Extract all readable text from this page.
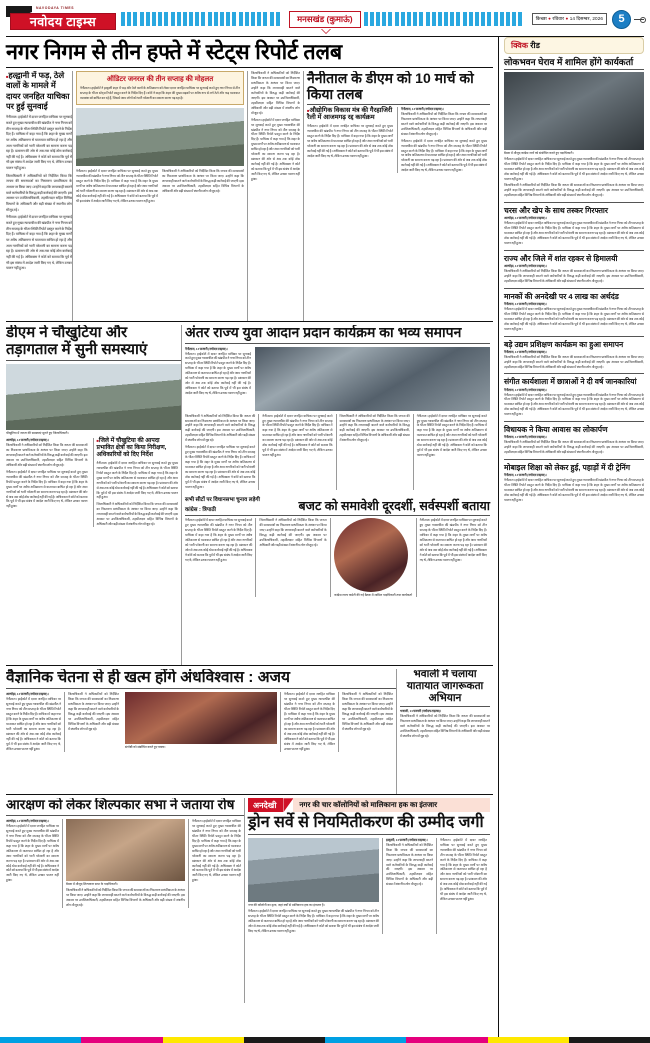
NAVODAYA TIMES
नवोदय टाइम्स	मनसखंड (कुमाऊं)	किच्छा ● रविवार ● 14 दिसम्बर, 2026	5
नगर निगम से तीन हफ्ते में स्टेट्स रिपोर्ट तलब
■हल्द्वानी में फड़, ठेले वालों के मामले में दायर जनहित याचिका पर हुई सुनवाई
नैनीताल। हाईकोर्ट में दायर जनहित याचिका पर सुनवाई करते हुए मुख्य न्यायाधीश की खंडपीठ ने नगर निगम को तीन सप्ताह के भीतर स्थिति रिपोर्ट प्रस्तुत करने के निर्देश दिए हैं। याचिका में कहा गया है कि शहर के मुख्य मार्गों पर अवैध अतिक्रमण से यातायात बाधित हो रहा है और आम नागरिकों को भारी परेशानी का सामना करना पड़ रहा है। प्रशासन की ओर से अब तक कोई ठोस कार्रवाई नहीं की गई है। अधिवक्ता ने कोर्ट को बताया कि पूर्व में भी इस संबंध में आदेश जारी किए गए थे, लेकिन उनका पालन नहीं हुआ।
जिलाधिकारी ने अधिकारियों को निर्देशित किया कि जनता की समस्याओं का निस्तारण प्राथमिकता के आधार पर किया जाए। उन्होंने कहा कि लापरवाही बरतने वाले कर्मचारियों के विरुद्ध कड़ी कार्रवाई की जाएगी। इस अवसर पर उपजिलाधिकारी, तहसीलदार सहित विभिन्न विभागों के अधिकारी और बड़ी संख्या में स्थानीय लोग मौजूद रहे।
नैनीताल। हाईकोर्ट में दायर जनहित याचिका पर सुनवाई करते हुए मुख्य न्यायाधीश की खंडपीठ ने नगर निगम को तीन सप्ताह के भीतर स्थिति रिपोर्ट प्रस्तुत करने के निर्देश दिए हैं। याचिका में कहा गया है कि शहर के मुख्य मार्गों पर अवैध अतिक्रमण से यातायात बाधित हो रहा है और आम नागरिकों को भारी परेशानी का सामना करना पड़ रहा है। प्रशासन की ओर से अब तक कोई ठोस कार्रवाई नहीं की गई है। अधिवक्ता ने कोर्ट को बताया कि पूर्व में भी इस संबंध में आदेश जारी किए गए थे, लेकिन उनका पालन नहीं हुआ।
ऑडिटर जनरल की तीन सप्ताह की मोहलत
नैनीताल। हाईकोर्ट ने हल्द्वानी शहर में फड़ और ठेले वालों के अतिक्रमण को लेकर दायर जनहित याचिका पर सुनवाई करते हुए नगर निगम से तीन सप्ताह के भीतर स्टेट्स रिपोर्ट प्रस्तुत करने के निर्देश दिए हैं। कोर्ट ने कहा कि शहर की मुख्य सड़कों पर अवैध रूप से लगे ठेले और फड़ यातायात व्यवस्था को बाधित कर रहे हैं, जिससे आम लोगों को भारी परेशानी का सामना करना पड़ रहा है।
नैनीताल। हाईकोर्ट में दायर जनहित याचिका पर सुनवाई करते हुए मुख्य न्यायाधीश की खंडपीठ ने नगर निगम को तीन सप्ताह के भीतर स्थिति रिपोर्ट प्रस्तुत करने के निर्देश दिए हैं। याचिका में कहा गया है कि शहर के मुख्य मार्गों पर अवैध अतिक्रमण से यातायात बाधित हो रहा है और आम नागरिकों को भारी परेशानी का सामना करना पड़ रहा है। प्रशासन की ओर से अब तक कोई ठोस कार्रवाई नहीं की गई है। अधिवक्ता ने कोर्ट को बताया कि पूर्व में भी इस संबंध में आदेश जारी किए गए थे, लेकिन उनका पालन नहीं हुआ।
जिलाधिकारी ने अधिकारियों को निर्देशित किया कि जनता की समस्याओं का निस्तारण प्राथमिकता के आधार पर किया जाए। उन्होंने कहा कि लापरवाही बरतने वाले कर्मचारियों के विरुद्ध कड़ी कार्रवाई की जाएगी। इस अवसर पर उपजिलाधिकारी, तहसीलदार सहित विभिन्न विभागों के अधिकारी और बड़ी संख्या में स्थानीय लोग मौजूद रहे।
जिलाधिकारी ने अधिकारियों को निर्देशित किया कि जनता की समस्याओं का निस्तारण प्राथमिकता के आधार पर किया जाए। उन्होंने कहा कि लापरवाही बरतने वाले कर्मचारियों के विरुद्ध कड़ी कार्रवाई की जाएगी। इस अवसर पर उपजिलाधिकारी, तहसीलदार सहित विभिन्न विभागों के अधिकारी और बड़ी संख्या में स्थानीय लोग मौजूद रहे।
नैनीताल। हाईकोर्ट में दायर जनहित याचिका पर सुनवाई करते हुए मुख्य न्यायाधीश की खंडपीठ ने नगर निगम को तीन सप्ताह के भीतर स्थिति रिपोर्ट प्रस्तुत करने के निर्देश दिए हैं। याचिका में कहा गया है कि शहर के मुख्य मार्गों पर अवैध अतिक्रमण से यातायात बाधित हो रहा है और आम नागरिकों को भारी परेशानी का सामना करना पड़ रहा है। प्रशासन की ओर से अब तक कोई ठोस कार्रवाई नहीं की गई है। अधिवक्ता ने कोर्ट को बताया कि पूर्व में भी इस संबंध में आदेश जारी किए गए थे, लेकिन उनका पालन नहीं हुआ।
नैनीताल के डीएम को 10 मार्च को किया तलब
■औद्योगिक विकास मंत्र की गैरहाजिरी रैली में आजमगढ़ रद्द कार्यक्रम
नैनीताल। हाईकोर्ट में दायर जनहित याचिका पर सुनवाई करते हुए मुख्य न्यायाधीश की खंडपीठ ने नगर निगम को तीन सप्ताह के भीतर स्थिति रिपोर्ट प्रस्तुत करने के निर्देश दिए हैं। याचिका में कहा गया है कि शहर के मुख्य मार्गों पर अवैध अतिक्रमण से यातायात बाधित हो रहा है और आम नागरिकों को भारी परेशानी का सामना करना पड़ रहा है। प्रशासन की ओर से अब तक कोई ठोस कार्रवाई नहीं की गई है। अधिवक्ता ने कोर्ट को बताया कि पूर्व में भी इस संबंध में आदेश जारी किए गए थे, लेकिन उनका पालन नहीं हुआ।
नैनीताल, 13 फरवरी (नवोदय टाइम्स)।
जिलाधिकारी ने अधिकारियों को निर्देशित किया कि जनता की समस्याओं का निस्तारण प्राथमिकता के आधार पर किया जाए। उन्होंने कहा कि लापरवाही बरतने वाले कर्मचारियों के विरुद्ध कड़ी कार्रवाई की जाएगी। इस अवसर पर उपजिलाधिकारी, तहसीलदार सहित विभिन्न विभागों के अधिकारी और बड़ी संख्या में स्थानीय लोग मौजूद रहे।
नैनीताल। हाईकोर्ट में दायर जनहित याचिका पर सुनवाई करते हुए मुख्य न्यायाधीश की खंडपीठ ने नगर निगम को तीन सप्ताह के भीतर स्थिति रिपोर्ट प्रस्तुत करने के निर्देश दिए हैं। याचिका में कहा गया है कि शहर के मुख्य मार्गों पर अवैध अतिक्रमण से यातायात बाधित हो रहा है और आम नागरिकों को भारी परेशानी का सामना करना पड़ रहा है। प्रशासन की ओर से अब तक कोई ठोस कार्रवाई नहीं की गई है। अधिवक्ता ने कोर्ट को बताया कि पूर्व में भी इस संबंध में आदेश जारी किए गए थे, लेकिन उनका पालन नहीं हुआ।
डीएम ने चौखुटिया और तड़ागताल में सुनी समस्याएं
चौखुटिया में जनता की समस्याएं सुनते हुए जिलाधिकारी।
अल्मोड़ा, 13 फरवरी (नवोदय टाइम्स)।
जिलाधिकारी ने अधिकारियों को निर्देशित किया कि जनता की समस्याओं का निस्तारण प्राथमिकता के आधार पर किया जाए। उन्होंने कहा कि लापरवाही बरतने वाले कर्मचारियों के विरुद्ध कड़ी कार्रवाई की जाएगी। इस अवसर पर उपजिलाधिकारी, तहसीलदार सहित विभिन्न विभागों के अधिकारी और बड़ी संख्या में स्थानीय लोग मौजूद रहे।
नैनीताल। हाईकोर्ट में दायर जनहित याचिका पर सुनवाई करते हुए मुख्य न्यायाधीश की खंडपीठ ने नगर निगम को तीन सप्ताह के भीतर स्थिति रिपोर्ट प्रस्तुत करने के निर्देश दिए हैं। याचिका में कहा गया है कि शहर के मुख्य मार्गों पर अवैध अतिक्रमण से यातायात बाधित हो रहा है और आम नागरिकों को भारी परेशानी का सामना करना पड़ रहा है। प्रशासन की ओर से अब तक कोई ठोस कार्रवाई नहीं की गई है। अधिवक्ता ने कोर्ट को बताया कि पूर्व में भी इस संबंध में आदेश जारी किए गए थे, लेकिन उनका पालन नहीं हुआ।
■जिले में चौखुटिया की आपदा प्रभावित क्षेत्रों का किया निरीक्षण, अधिकारियों को दिए निर्देश
नैनीताल। हाईकोर्ट में दायर जनहित याचिका पर सुनवाई करते हुए मुख्य न्यायाधीश की खंडपीठ ने नगर निगम को तीन सप्ताह के भीतर स्थिति रिपोर्ट प्रस्तुत करने के निर्देश दिए हैं। याचिका में कहा गया है कि शहर के मुख्य मार्गों पर अवैध अतिक्रमण से यातायात बाधित हो रहा है और आम नागरिकों को भारी परेशानी का सामना करना पड़ रहा है। प्रशासन की ओर से अब तक कोई ठोस कार्रवाई नहीं की गई है। अधिवक्ता ने कोर्ट को बताया कि पूर्व में भी इस संबंध में आदेश जारी किए गए थे, लेकिन उनका पालन नहीं हुआ।
जिलाधिकारी ने अधिकारियों को निर्देशित किया कि जनता की समस्याओं का निस्तारण प्राथमिकता के आधार पर किया जाए। उन्होंने कहा कि लापरवाही बरतने वाले कर्मचारियों के विरुद्ध कड़ी कार्रवाई की जाएगी। इस अवसर पर उपजिलाधिकारी, तहसीलदार सहित विभिन्न विभागों के अधिकारी और बड़ी संख्या में स्थानीय लोग मौजूद रहे।
अंतर राज्य युवा आदान प्रदान कार्यक्रम का भव्य समापन
नैनीताल, 13 फरवरी (नवोदय टाइम्स)।
नैनीताल। हाईकोर्ट में दायर जनहित याचिका पर सुनवाई करते हुए मुख्य न्यायाधीश की खंडपीठ ने नगर निगम को तीन सप्ताह के भीतर स्थिति रिपोर्ट प्रस्तुत करने के निर्देश दिए हैं। याचिका में कहा गया है कि शहर के मुख्य मार्गों पर अवैध अतिक्रमण से यातायात बाधित हो रहा है और आम नागरिकों को भारी परेशानी का सामना करना पड़ रहा है। प्रशासन की ओर से अब तक कोई ठोस कार्रवाई नहीं की गई है। अधिवक्ता ने कोर्ट को बताया कि पूर्व में भी इस संबंध में आदेश जारी किए गए थे, लेकिन उनका पालन नहीं हुआ।
जिलाधिकारी ने अधिकारियों को निर्देशित किया कि जनता की समस्याओं का निस्तारण प्राथमिकता के आधार पर किया जाए। उन्होंने कहा कि लापरवाही बरतने वाले कर्मचारियों के विरुद्ध कड़ी कार्रवाई की जाएगी। इस अवसर पर उपजिलाधिकारी, तहसीलदार सहित विभिन्न विभागों के अधिकारी और बड़ी संख्या में स्थानीय लोग मौजूद रहे।
नैनीताल। हाईकोर्ट में दायर जनहित याचिका पर सुनवाई करते हुए मुख्य न्यायाधीश की खंडपीठ ने नगर निगम को तीन सप्ताह के भीतर स्थिति रिपोर्ट प्रस्तुत करने के निर्देश दिए हैं। याचिका में कहा गया है कि शहर के मुख्य मार्गों पर अवैध अतिक्रमण से यातायात बाधित हो रहा है और आम नागरिकों को भारी परेशानी का सामना करना पड़ रहा है। प्रशासन की ओर से अब तक कोई ठोस कार्रवाई नहीं की गई है। अधिवक्ता ने कोर्ट को बताया कि पूर्व में भी इस संबंध में आदेश जारी किए गए थे, लेकिन उनका पालन नहीं हुआ।
नैनीताल। हाईकोर्ट में दायर जनहित याचिका पर सुनवाई करते हुए मुख्य न्यायाधीश की खंडपीठ ने नगर निगम को तीन सप्ताह के भीतर स्थिति रिपोर्ट प्रस्तुत करने के निर्देश दिए हैं। याचिका में कहा गया है कि शहर के मुख्य मार्गों पर अवैध अतिक्रमण से यातायात बाधित हो रहा है और आम नागरिकों को भारी परेशानी का सामना करना पड़ रहा है। प्रशासन की ओर से अब तक कोई ठोस कार्रवाई नहीं की गई है। अधिवक्ता ने कोर्ट को बताया कि पूर्व में भी इस संबंध में आदेश जारी किए गए थे, लेकिन उनका पालन नहीं हुआ।
जिलाधिकारी ने अधिकारियों को निर्देशित किया कि जनता की समस्याओं का निस्तारण प्राथमिकता के आधार पर किया जाए। उन्होंने कहा कि लापरवाही बरतने वाले कर्मचारियों के विरुद्ध कड़ी कार्रवाई की जाएगी। इस अवसर पर उपजिलाधिकारी, तहसीलदार सहित विभिन्न विभागों के अधिकारी और बड़ी संख्या में स्थानीय लोग मौजूद रहे।
नैनीताल। हाईकोर्ट में दायर जनहित याचिका पर सुनवाई करते हुए मुख्य न्यायाधीश की खंडपीठ ने नगर निगम को तीन सप्ताह के भीतर स्थिति रिपोर्ट प्रस्तुत करने के निर्देश दिए हैं। याचिका में कहा गया है कि शहर के मुख्य मार्गों पर अवैध अतिक्रमण से यातायात बाधित हो रहा है और आम नागरिकों को भारी परेशानी का सामना करना पड़ रहा है। प्रशासन की ओर से अब तक कोई ठोस कार्रवाई नहीं की गई है। अधिवक्ता ने कोर्ट को बताया कि पूर्व में भी इस संबंध में आदेश जारी किए गए थे, लेकिन उनका पालन नहीं हुआ।
सभी सीटों पर विधानसभा चुनाव लड़ेगी कांग्रेस : त्रिपाठी	बजट को समावेशी दूरदर्शी, सर्वस्पर्शी बताया
नैनीताल। हाईकोर्ट में दायर जनहित याचिका पर सुनवाई करते हुए मुख्य न्यायाधीश की खंडपीठ ने नगर निगम को तीन सप्ताह के भीतर स्थिति रिपोर्ट प्रस्तुत करने के निर्देश दिए हैं। याचिका में कहा गया है कि शहर के मुख्य मार्गों पर अवैध अतिक्रमण से यातायात बाधित हो रहा है और आम नागरिकों को भारी परेशानी का सामना करना पड़ रहा है। प्रशासन की ओर से अब तक कोई ठोस कार्रवाई नहीं की गई है। अधिवक्ता ने कोर्ट को बताया कि पूर्व में भी इस संबंध में आदेश जारी किए गए थे, लेकिन उनका पालन नहीं हुआ।
जिलाधिकारी ने अधिकारियों को निर्देशित किया कि जनता की समस्याओं का निस्तारण प्राथमिकता के आधार पर किया जाए। उन्होंने कहा कि लापरवाही बरतने वाले कर्मचारियों के विरुद्ध कड़ी कार्रवाई की जाएगी। इस अवसर पर उपजिलाधिकारी, तहसीलदार सहित विभिन्न विभागों के अधिकारी और बड़ी संख्या में स्थानीय लोग मौजूद रहे।
कांग्रेस राज्य कमेटी की गई बैठक में शामिल पदाधिकारी तथा कार्यकर्ता
नैनीताल। हाईकोर्ट में दायर जनहित याचिका पर सुनवाई करते हुए मुख्य न्यायाधीश की खंडपीठ ने नगर निगम को तीन सप्ताह के भीतर स्थिति रिपोर्ट प्रस्तुत करने के निर्देश दिए हैं। याचिका में कहा गया है कि शहर के मुख्य मार्गों पर अवैध अतिक्रमण से यातायात बाधित हो रहा है और आम नागरिकों को भारी परेशानी का सामना करना पड़ रहा है। प्रशासन की ओर से अब तक कोई ठोस कार्रवाई नहीं की गई है। अधिवक्ता ने कोर्ट को बताया कि पूर्व में भी इस संबंध में आदेश जारी किए गए थे, लेकिन उनका पालन नहीं हुआ।
वैज्ञानिक चेतना से ही खत्म होंगे अंधविश्वास : अजय
अल्मोड़ा, 13 फरवरी (नवोदय टाइम्स)।
नैनीताल। हाईकोर्ट में दायर जनहित याचिका पर सुनवाई करते हुए मुख्य न्यायाधीश की खंडपीठ ने नगर निगम को तीन सप्ताह के भीतर स्थिति रिपोर्ट प्रस्तुत करने के निर्देश दिए हैं। याचिका में कहा गया है कि शहर के मुख्य मार्गों पर अवैध अतिक्रमण से यातायात बाधित हो रहा है और आम नागरिकों को भारी परेशानी का सामना करना पड़ रहा है। प्रशासन की ओर से अब तक कोई ठोस कार्रवाई नहीं की गई है। अधिवक्ता ने कोर्ट को बताया कि पूर्व में भी इस संबंध में आदेश जारी किए गए थे, लेकिन उनका पालन नहीं हुआ।
जिलाधिकारी ने अधिकारियों को निर्देशित किया कि जनता की समस्याओं का निस्तारण प्राथमिकता के आधार पर किया जाए। उन्होंने कहा कि लापरवाही बरतने वाले कर्मचारियों के विरुद्ध कड़ी कार्रवाई की जाएगी। इस अवसर पर उपजिलाधिकारी, तहसीलदार सहित विभिन्न विभागों के अधिकारी और बड़ी संख्या में स्थानीय लोग मौजूद रहे।
संगोष्ठी को संबोधित करते हुए वक्ता।
नैनीताल। हाईकोर्ट में दायर जनहित याचिका पर सुनवाई करते हुए मुख्य न्यायाधीश की खंडपीठ ने नगर निगम को तीन सप्ताह के भीतर स्थिति रिपोर्ट प्रस्तुत करने के निर्देश दिए हैं। याचिका में कहा गया है कि शहर के मुख्य मार्गों पर अवैध अतिक्रमण से यातायात बाधित हो रहा है और आम नागरिकों को भारी परेशानी का सामना करना पड़ रहा है। प्रशासन की ओर से अब तक कोई ठोस कार्रवाई नहीं की गई है। अधिवक्ता ने कोर्ट को बताया कि पूर्व में भी इस संबंध में आदेश जारी किए गए थे, लेकिन उनका पालन नहीं हुआ।
जिलाधिकारी ने अधिकारियों को निर्देशित किया कि जनता की समस्याओं का निस्तारण प्राथमिकता के आधार पर किया जाए। उन्होंने कहा कि लापरवाही बरतने वाले कर्मचारियों के विरुद्ध कड़ी कार्रवाई की जाएगी। इस अवसर पर उपजिलाधिकारी, तहसीलदार सहित विभिन्न विभागों के अधिकारी और बड़ी संख्या में स्थानीय लोग मौजूद रहे।
भवाली में चलाया यातायात जागरूकता अभियान
भवाली, 13 फरवरी (नवोदय टाइम्स)।
जिलाधिकारी ने अधिकारियों को निर्देशित किया कि जनता की समस्याओं का निस्तारण प्राथमिकता के आधार पर किया जाए। उन्होंने कहा कि लापरवाही बरतने वाले कर्मचारियों के विरुद्ध कड़ी कार्रवाई की जाएगी। इस अवसर पर उपजिलाधिकारी, तहसीलदार सहित विभिन्न विभागों के अधिकारी और बड़ी संख्या में स्थानीय लोग मौजूद रहे।
आरक्षण को लेकर शिल्पकार सभा ने जताया रोष
अल्मोड़ा, 13 फरवरी (नवोदय टाइम्स)।
नैनीताल। हाईकोर्ट में दायर जनहित याचिका पर सुनवाई करते हुए मुख्य न्यायाधीश की खंडपीठ ने नगर निगम को तीन सप्ताह के भीतर स्थिति रिपोर्ट प्रस्तुत करने के निर्देश दिए हैं। याचिका में कहा गया है कि शहर के मुख्य मार्गों पर अवैध अतिक्रमण से यातायात बाधित हो रहा है और आम नागरिकों को भारी परेशानी का सामना करना पड़ रहा है। प्रशासन की ओर से अब तक कोई ठोस कार्रवाई नहीं की गई है। अधिवक्ता ने कोर्ट को बताया कि पूर्व में भी इस संबंध में आदेश जारी किए गए थे, लेकिन उनका पालन नहीं हुआ।
बैठक में मौजूद शिल्पकार सभा के पदाधिकारी।
जिलाधिकारी ने अधिकारियों को निर्देशित किया कि जनता की समस्याओं का निस्तारण प्राथमिकता के आधार पर किया जाए। उन्होंने कहा कि लापरवाही बरतने वाले कर्मचारियों के विरुद्ध कड़ी कार्रवाई की जाएगी। इस अवसर पर उपजिलाधिकारी, तहसीलदार सहित विभिन्न विभागों के अधिकारी और बड़ी संख्या में स्थानीय लोग मौजूद रहे।
नैनीताल। हाईकोर्ट में दायर जनहित याचिका पर सुनवाई करते हुए मुख्य न्यायाधीश की खंडपीठ ने नगर निगम को तीन सप्ताह के भीतर स्थिति रिपोर्ट प्रस्तुत करने के निर्देश दिए हैं। याचिका में कहा गया है कि शहर के मुख्य मार्गों पर अवैध अतिक्रमण से यातायात बाधित हो रहा है और आम नागरिकों को भारी परेशानी का सामना करना पड़ रहा है। प्रशासन की ओर से अब तक कोई ठोस कार्रवाई नहीं की गई है। अधिवक्ता ने कोर्ट को बताया कि पूर्व में भी इस संबंध में आदेश जारी किए गए थे, लेकिन उनका पालन नहीं हुआ।
अनदेखी	नगर की चार कॉलोनियों को मालिकाना हक का इंतजार
ड्रोन सर्वे से नियमितीकरण की उम्मीद जगी
नगर की कॉलोनी का दृश्य, जहां वर्षों से मालिकाना हक का इंतजार है।
नैनीताल। हाईकोर्ट में दायर जनहित याचिका पर सुनवाई करते हुए मुख्य न्यायाधीश की खंडपीठ ने नगर निगम को तीन सप्ताह के भीतर स्थिति रिपोर्ट प्रस्तुत करने के निर्देश दिए हैं। याचिका में कहा गया है कि शहर के मुख्य मार्गों पर अवैध अतिक्रमण से यातायात बाधित हो रहा है और आम नागरिकों को भारी परेशानी का सामना करना पड़ रहा है। प्रशासन की ओर से अब तक कोई ठोस कार्रवाई नहीं की गई है। अधिवक्ता ने कोर्ट को बताया कि पूर्व में भी इस संबंध में आदेश जारी किए गए थे, लेकिन उनका पालन नहीं हुआ।
हल्द्वानी, 13 फरवरी (नवोदय टाइम्स)।
जिलाधिकारी ने अधिकारियों को निर्देशित किया कि जनता की समस्याओं का निस्तारण प्राथमिकता के आधार पर किया जाए। उन्होंने कहा कि लापरवाही बरतने वाले कर्मचारियों के विरुद्ध कड़ी कार्रवाई की जाएगी। इस अवसर पर उपजिलाधिकारी, तहसीलदार सहित विभिन्न विभागों के अधिकारी और बड़ी संख्या में स्थानीय लोग मौजूद रहे।
नैनीताल। हाईकोर्ट में दायर जनहित याचिका पर सुनवाई करते हुए मुख्य न्यायाधीश की खंडपीठ ने नगर निगम को तीन सप्ताह के भीतर स्थिति रिपोर्ट प्रस्तुत करने के निर्देश दिए हैं। याचिका में कहा गया है कि शहर के मुख्य मार्गों पर अवैध अतिक्रमण से यातायात बाधित हो रहा है और आम नागरिकों को भारी परेशानी का सामना करना पड़ रहा है। प्रशासन की ओर से अब तक कोई ठोस कार्रवाई नहीं की गई है। अधिवक्ता ने कोर्ट को बताया कि पूर्व में भी इस संबंध में आदेश जारी किए गए थे, लेकिन उनका पालन नहीं हुआ।
क्विक रीड
लोकभवन घेराव में शामिल होंगे कार्यकर्ता
बैठक में मौजूद कांग्रेस जनों को संबोधित करते हुए पदाधिकारी।
नैनीताल। हाईकोर्ट में दायर जनहित याचिका पर सुनवाई करते हुए मुख्य न्यायाधीश की खंडपीठ ने नगर निगम को तीन सप्ताह के भीतर स्थिति रिपोर्ट प्रस्तुत करने के निर्देश दिए हैं। याचिका में कहा गया है कि शहर के मुख्य मार्गों पर अवैध अतिक्रमण से यातायात बाधित हो रहा है और आम नागरिकों को भारी परेशानी का सामना करना पड़ रहा है। प्रशासन की ओर से अब तक कोई ठोस कार्रवाई नहीं की गई है। अधिवक्ता ने कोर्ट को बताया कि पूर्व में भी इस संबंध में आदेश जारी किए गए थे, लेकिन उनका पालन नहीं हुआ।
जिलाधिकारी ने अधिकारियों को निर्देशित किया कि जनता की समस्याओं का निस्तारण प्राथमिकता के आधार पर किया जाए। उन्होंने कहा कि लापरवाही बरतने वाले कर्मचारियों के विरुद्ध कड़ी कार्रवाई की जाएगी। इस अवसर पर उपजिलाधिकारी, तहसीलदार सहित विभिन्न विभागों के अधिकारी और बड़ी संख्या में स्थानीय लोग मौजूद रहे।
चरस और खेप के साथ तस्कर गिरफ्तार
अल्मोड़ा, 13 फरवरी (नवोदय टाइम्स)।
नैनीताल। हाईकोर्ट में दायर जनहित याचिका पर सुनवाई करते हुए मुख्य न्यायाधीश की खंडपीठ ने नगर निगम को तीन सप्ताह के भीतर स्थिति रिपोर्ट प्रस्तुत करने के निर्देश दिए हैं। याचिका में कहा गया है कि शहर के मुख्य मार्गों पर अवैध अतिक्रमण से यातायात बाधित हो रहा है और आम नागरिकों को भारी परेशानी का सामना करना पड़ रहा है। प्रशासन की ओर से अब तक कोई ठोस कार्रवाई नहीं की गई है। अधिवक्ता ने कोर्ट को बताया कि पूर्व में भी इस संबंध में आदेश जारी किए गए थे, लेकिन उनका पालन नहीं हुआ।
राज्य और जिले में शांत रहकर से हिमालयी
अल्मोड़ा, 13 फरवरी (नवोदय टाइम्स)।
जिलाधिकारी ने अधिकारियों को निर्देशित किया कि जनता की समस्याओं का निस्तारण प्राथमिकता के आधार पर किया जाए। उन्होंने कहा कि लापरवाही बरतने वाले कर्मचारियों के विरुद्ध कड़ी कार्रवाई की जाएगी। इस अवसर पर उपजिलाधिकारी, तहसीलदार सहित विभिन्न विभागों के अधिकारी और बड़ी संख्या में स्थानीय लोग मौजूद रहे।
मानकों की अनदेखी पर 4 लाख का अर्थदंड
नैनीताल, 13 फरवरी (नवोदय टाइम्स)।
नैनीताल। हाईकोर्ट में दायर जनहित याचिका पर सुनवाई करते हुए मुख्य न्यायाधीश की खंडपीठ ने नगर निगम को तीन सप्ताह के भीतर स्थिति रिपोर्ट प्रस्तुत करने के निर्देश दिए हैं। याचिका में कहा गया है कि शहर के मुख्य मार्गों पर अवैध अतिक्रमण से यातायात बाधित हो रहा है और आम नागरिकों को भारी परेशानी का सामना करना पड़ रहा है। प्रशासन की ओर से अब तक कोई ठोस कार्रवाई नहीं की गई है। अधिवक्ता ने कोर्ट को बताया कि पूर्व में भी इस संबंध में आदेश जारी किए गए थे, लेकिन उनका पालन नहीं हुआ।
बड़े उद्यम प्रशिक्षण कार्यक्रम का हुआ समापन
नैनीताल, 13 फरवरी (नवोदय टाइम्स)।
जिलाधिकारी ने अधिकारियों को निर्देशित किया कि जनता की समस्याओं का निस्तारण प्राथमिकता के आधार पर किया जाए। उन्होंने कहा कि लापरवाही बरतने वाले कर्मचारियों के विरुद्ध कड़ी कार्रवाई की जाएगी। इस अवसर पर उपजिलाधिकारी, तहसीलदार सहित विभिन्न विभागों के अधिकारी और बड़ी संख्या में स्थानीय लोग मौजूद रहे।
संगीत कार्यशाला में छात्राओं ने दी वर्ष जानकारियां
नैनीताल, 13 फरवरी (नवोदय टाइम्स)।
नैनीताल। हाईकोर्ट में दायर जनहित याचिका पर सुनवाई करते हुए मुख्य न्यायाधीश की खंडपीठ ने नगर निगम को तीन सप्ताह के भीतर स्थिति रिपोर्ट प्रस्तुत करने के निर्देश दिए हैं। याचिका में कहा गया है कि शहर के मुख्य मार्गों पर अवैध अतिक्रमण से यातायात बाधित हो रहा है और आम नागरिकों को भारी परेशानी का सामना करना पड़ रहा है। प्रशासन की ओर से अब तक कोई ठोस कार्रवाई नहीं की गई है। अधिवक्ता ने कोर्ट को बताया कि पूर्व में भी इस संबंध में आदेश जारी किए गए थे, लेकिन उनका पालन नहीं हुआ।
विधायक ने किया आवास का लोकार्पण
नैनीताल, 13 फरवरी (नवोदय टाइम्स)।
जिलाधिकारी ने अधिकारियों को निर्देशित किया कि जनता की समस्याओं का निस्तारण प्राथमिकता के आधार पर किया जाए। उन्होंने कहा कि लापरवाही बरतने वाले कर्मचारियों के विरुद्ध कड़ी कार्रवाई की जाएगी। इस अवसर पर उपजिलाधिकारी, तहसीलदार सहित विभिन्न विभागों के अधिकारी और बड़ी संख्या में स्थानीय लोग मौजूद रहे।
मोबाइल शिक्षा को लेकर हुई, पहाड़ों में दी ट्रेनिंग
नैनीताल, 13 फरवरी (नवोदय टाइम्स)।
नैनीताल। हाईकोर्ट में दायर जनहित याचिका पर सुनवाई करते हुए मुख्य न्यायाधीश की खंडपीठ ने नगर निगम को तीन सप्ताह के भीतर स्थिति रिपोर्ट प्रस्तुत करने के निर्देश दिए हैं। याचिका में कहा गया है कि शहर के मुख्य मार्गों पर अवैध अतिक्रमण से यातायात बाधित हो रहा है और आम नागरिकों को भारी परेशानी का सामना करना पड़ रहा है। प्रशासन की ओर से अब तक कोई ठोस कार्रवाई नहीं की गई है। अधिवक्ता ने कोर्ट को बताया कि पूर्व में भी इस संबंध में आदेश जारी किए गए थे, लेकिन उनका पालन नहीं हुआ।
